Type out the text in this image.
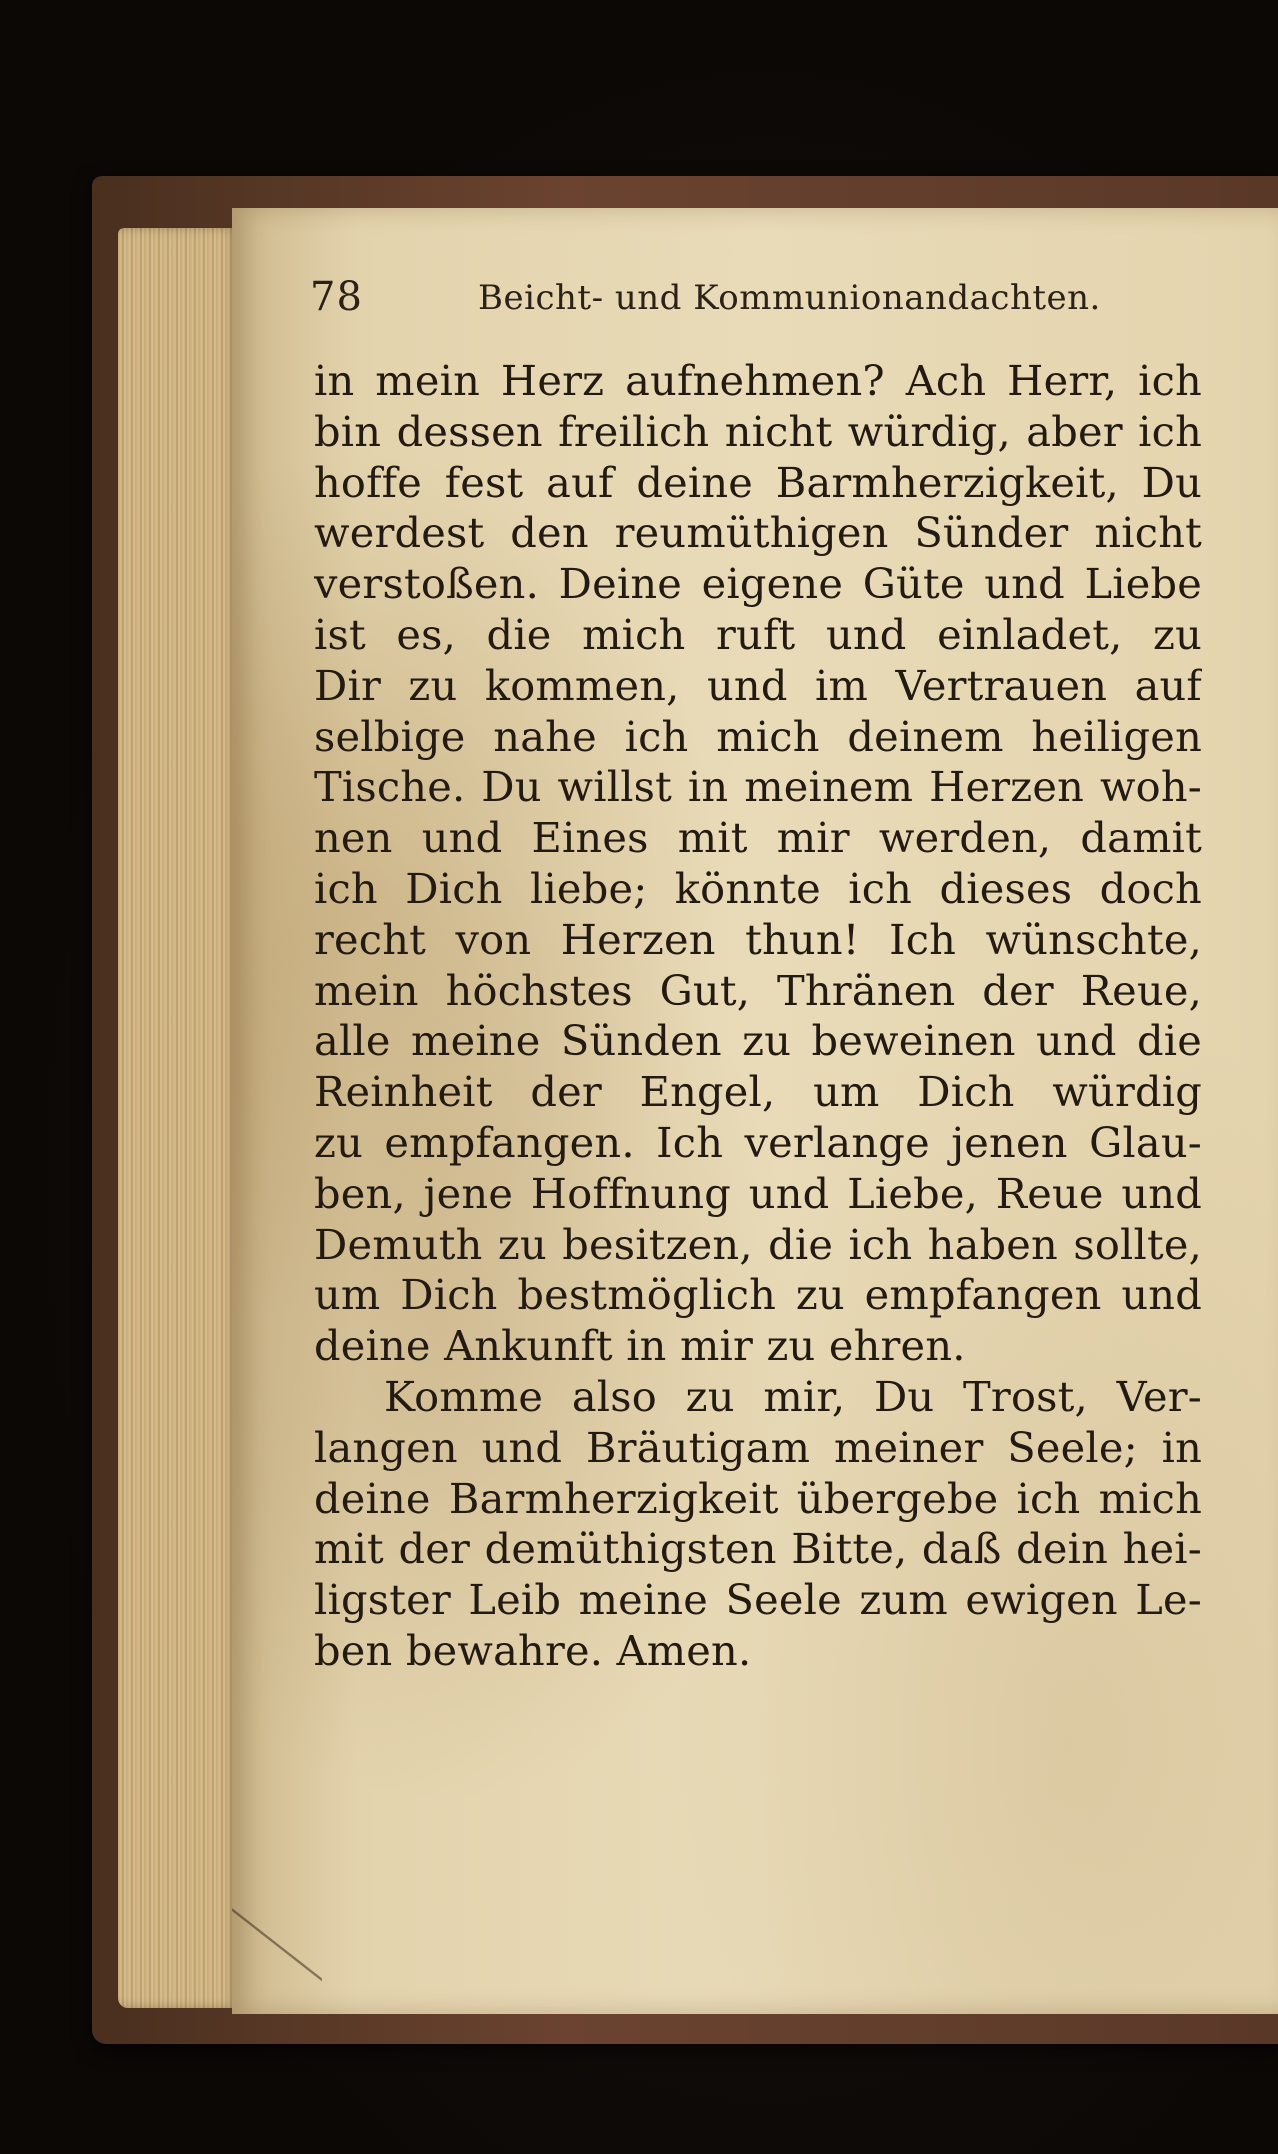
78	Beicht- und Kommunionandachten.
in mein Herz aufnehmen? Ach Herr, ich
bin dessen freilich nicht würdig, aber ich
hoffe fest auf deine Barmherzigkeit, Du
werdest den reumüthigen Sünder nicht
verstoßen. Deine eigene Güte und Liebe
ist es, die mich ruft und einladet, zu
Dir zu kommen, und im Vertrauen auf
selbige nahe ich mich deinem heiligen
Tische. Du willst in meinem Herzen woh-
nen und Eines mit mir werden, damit
ich Dich liebe; könnte ich dieses doch
recht von Herzen thun! Ich wünschte,
mein höchstes Gut, Thränen der Reue,
alle meine Sünden zu beweinen und die
Reinheit der Engel, um Dich würdig
zu empfangen. Ich verlange jenen Glau-
ben, jene Hoffnung und Liebe, Reue und
Demuth zu besitzen, die ich haben sollte,
um Dich bestmöglich zu empfangen und
deine Ankunft in mir zu ehren.
Komme also zu mir, Du Trost, Ver-
langen und Bräutigam meiner Seele; in
deine Barmherzigkeit übergebe ich mich
mit der demüthigsten Bitte, daß dein hei-
ligster Leib meine Seele zum ewigen Le-
ben bewahre. Amen.
